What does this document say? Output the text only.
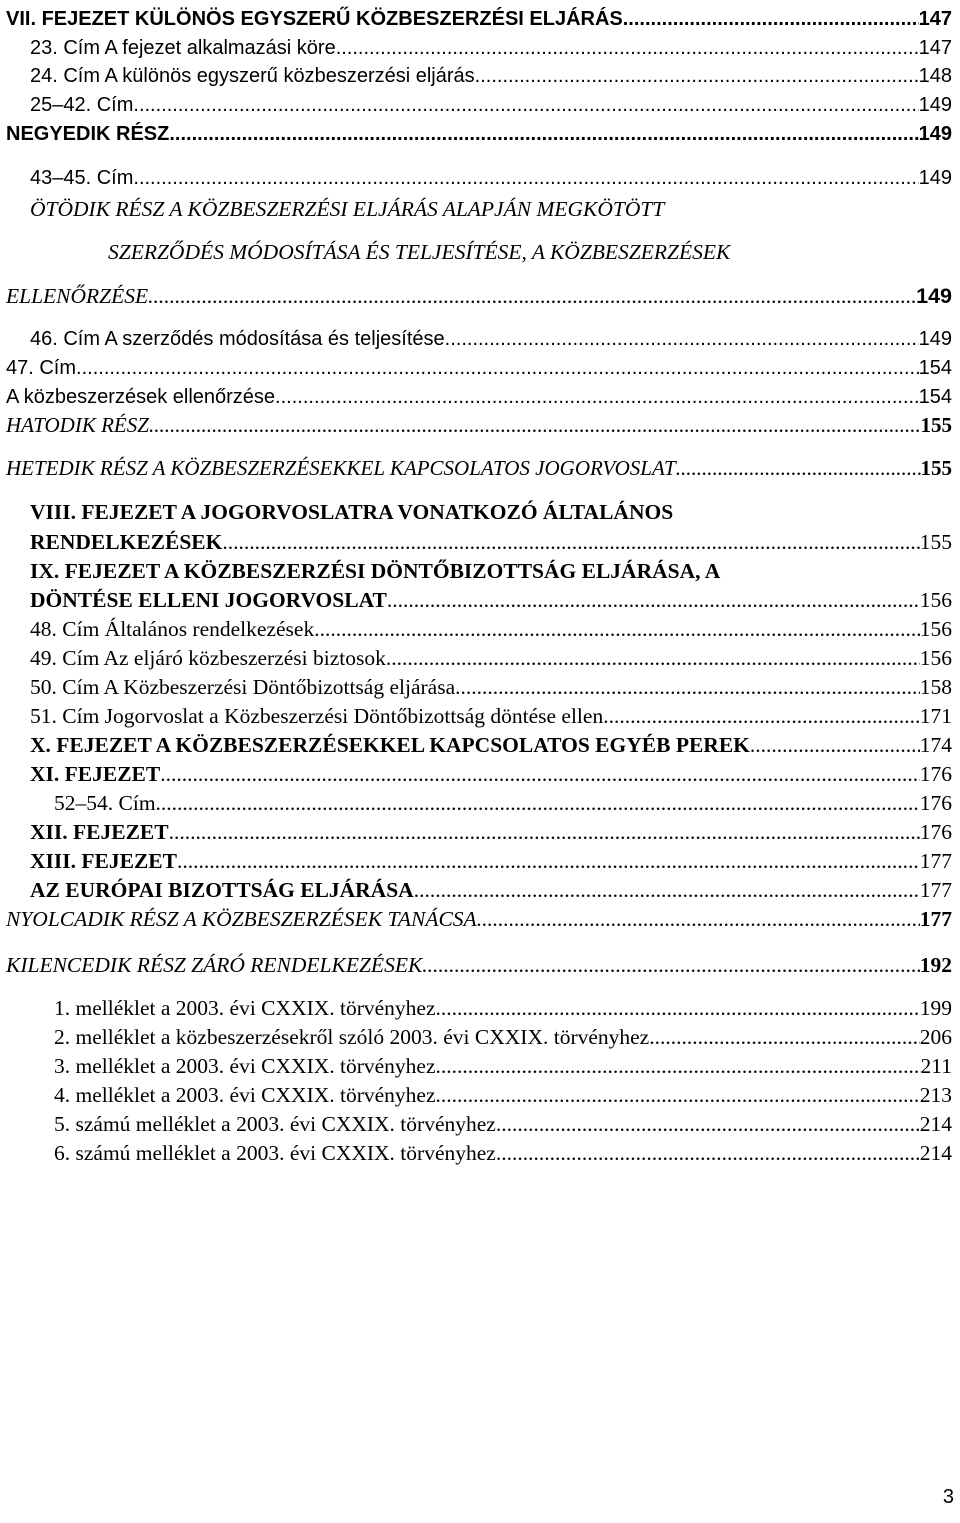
VII. FEJEZET KÜLÖNÖS EGYSZERŰ KÖZBESZERZÉSI ELJÁRÁS .....	147
23. Cím A fejezet alkalmazási köre .....	147
24. Cím A különös egyszerű közbeszerzési eljárás .....	148
25–42. Cím .....	149
NEGYEDIK RÉSZ .....	149
43–45. Cím .....	149
ÖTÖDIK RÉSZ A KÖZBESZERZÉSI ELJÁRÁS ALAPJÁN MEGKÖTÖTT
SZERZŐDÉS MÓDOSÍTÁSA ÉS TELJESÍTÉSE, A KÖZBESZERZÉSEK
ELLENŐRZÉSE .....	149
46. Cím A szerződés módosítása és teljesítése .....	149
47. Cím .....	154
A közbeszerzések ellenőrzése .....	154
HATODIK RÉSZ .....	155
HETEDIK RÉSZ A KÖZBESZERZÉSEKKEL KAPCSOLATOS JOGORVOSLAT .....	155
VIII. FEJEZET A JOGORVOSLATRA VONATKOZÓ ÁLTALÁNOS
RENDELKEZÉSEK .....	155
IX. FEJEZET A KÖZBESZERZÉSI DÖNTŐBIZOTTSÁG ELJÁRÁSA, A
DÖNTÉSE ELLENI JOGORVOSLAT .....	156
48. Cím Általános rendelkezések .....	156
49. Cím Az eljáró közbeszerzési biztosok .....	156
50. Cím A Közbeszerzési Döntőbizottság eljárása .....	158
51. Cím Jogorvoslat a Közbeszerzési Döntőbizottság döntése ellen .....	171
X. FEJEZET A KÖZBESZERZÉSEKKEL KAPCSOLATOS EGYÉB PEREK .....	174
XI. FEJEZET .....	176
52–54. Cím .....	176
XII. FEJEZET .....	176
XIII. FEJEZET .....	177
AZ EURÓPAI BIZOTTSÁG ELJÁRÁSA .....	177
NYOLCADIK RÉSZ A KÖZBESZERZÉSEK TANÁCSA .....	177
KILENCEDIK RÉSZ ZÁRÓ RENDELKEZÉSEK .....	192
1. melléklet a 2003. évi CXXIX. törvényhez .....	199
2. melléklet a közbeszerzésekről szóló 2003. évi CXXIX. törvényhez .....	206
3. melléklet a 2003. évi CXXIX. törvényhez .....	211
4. melléklet a 2003. évi CXXIX. törvényhez .....	213
5. számú melléklet a 2003. évi CXXIX. törvényhez .....	214
6. számú melléklet a 2003. évi CXXIX. törvényhez .....	214
3
